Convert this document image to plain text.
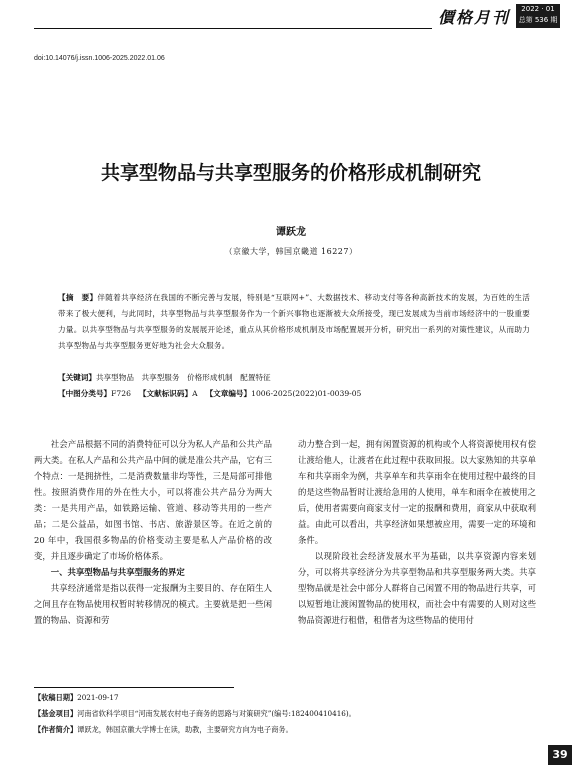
價格月刊	2022 · 01
总第 536 期
doi:10.14076/j.issn.1006-2025.2022.01.06
共享型物品与共享型服务的价格形成机制研究
谭跃龙
（京徽大学，韩国京畿道 16227）
【摘　要】伴随着共享经济在我国的不断完善与发展，特别是“互联网+”、大数据技术、移动支付等各种高新技术的发展，为百姓的生活带来了极大便利，与此同时，共享型物品与共享型服务作为一个新兴事物也逐渐被大众所接受，现已发展成为当前市场经济中的一股重要力量。以共享型物品与共享型服务的发展展开论述，重点从其价格形成机制及市场配置展开分析，研究出一系列的对策性建议，从而助力共享型物品与共享型服务更好地为社会大众服务。
【关键词】共享型物品　共享型服务　价格形成机制　配置特征
【中图分类号】F726 【文献标识码】A 【文章编号】1006-2025(2022)01-0039-05

社会产品根据不同的消费特征可以分为私人产品和公共产品两大类。在私人产品和公共产品中间的就是准公共产品，它有三个特点：一是拥挤性，二是消费数量非均等性，三是局部可排他性。按照消费作用的外在性大小，可以将准公共产品分为两大类：一是共用产品，如铁路运输、管道、移动等共用的一些产品；二是公益品，如图书馆、书店、旅游景区等。在近之前的 20 年中，我国很多物品的价格变动主要是私人产品价格的改变，并且逐步确定了市场价格体系。

一、共享型物品与共享型服务的界定

共享经济通常是指以获得一定报酬为主要目的、存在陌生人之间且存在物品使用权暂时转移情况的模式。主要就是把一些闲置的物品、资源和劳

动力整合到一起，拥有闲置资源的机构或个人将资源使用权有偿让渡给他人，让渡者在此过程中获取回报。以大家熟知的共享单车和共享雨伞为例，共享单车和共享雨伞在使用过程中最终的目的是这些物品暂时让渡给急用的人使用，单车和雨伞在被使用之后，使用者需要向商家支付一定的报酬和费用，商家从中获取利益。由此可以看出，共享经济如果想被应用，需要一定的环境和条件。

以现阶段社会经济发展水平为基础，以共享资源内容来划分，可以将共享经济分为共享型物品和共享型服务两大类。共享型物品就是社会中部分人群将自己闲置不用的物品进行共享，可以短暂地让渡闲置物品的使用权，而社会中有需要的人则对这些物品资源进行租借，租借者为这些物品的使用付

【收稿日期】2021-09-17
【基金项目】河南省软科学项目“河南发展农村电子商务的思路与对策研究”(编号:182400410416)。
【作者简介】谭跃龙，韩国京徽大学博士在读，助教，主要研究方向为电子商务。
39
